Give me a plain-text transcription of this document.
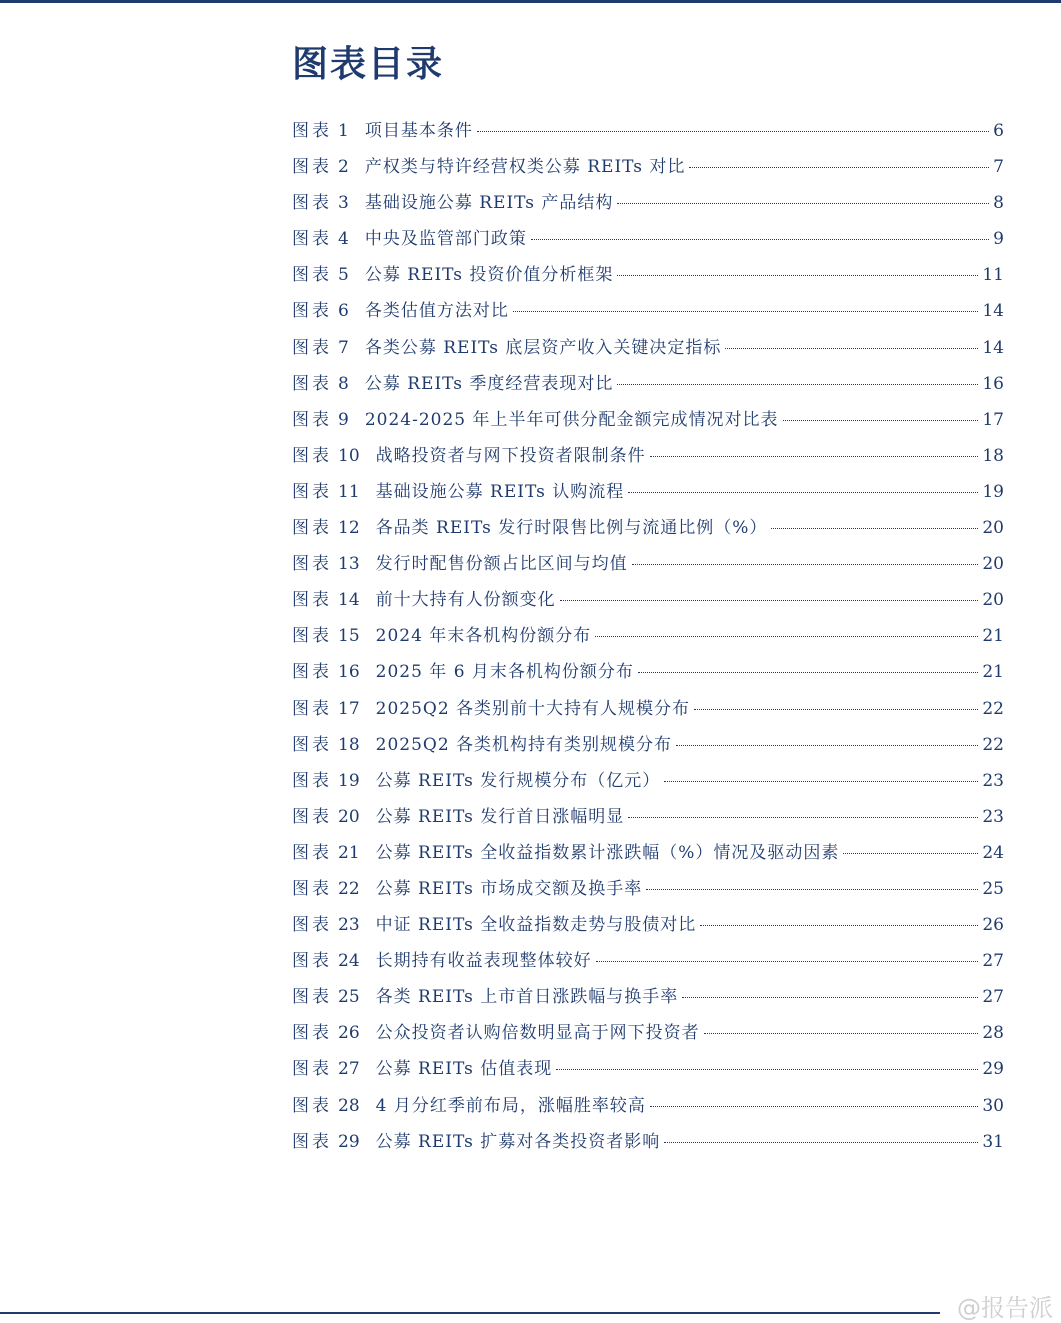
图表目录
图表 1 项目基本条件	6
图表 2 产权类与特许经营权类公募 REITs 对比	7
图表 3 基础设施公募 REITs 产品结构	8
图表 4 中央及监管部门政策	9
图表 5 公募 REITs 投资价值分析框架	11
图表 6 各类估值方法对比	14
图表 7 各类公募 REITs 底层资产收入关键决定指标	14
图表 8 公募 REITs 季度经营表现对比	16
图表 9 2024-2025 年上半年可供分配金额完成情况对比表	17
图表 10 战略投资者与网下投资者限制条件	18
图表 11 基础设施公募 REITs 认购流程	19
图表 12 各品类 REITs 发行时限售比例与流通比例（%）	20
图表 13 发行时配售份额占比区间与均值	20
图表 14 前十大持有人份额变化	20
图表 15 2024 年末各机构份额分布	21
图表 16 2025 年 6 月末各机构份额分布	21
图表 17 2025Q2 各类别前十大持有人规模分布	22
图表 18 2025Q2 各类机构持有类别规模分布	22
图表 19 公募 REITs 发行规模分布（亿元）	23
图表 20 公募 REITs 发行首日涨幅明显	23
图表 21 公募 REITs 全收益指数累计涨跌幅（%）情况及驱动因素	24
图表 22 公募 REITs 市场成交额及换手率	25
图表 23 中证 REITs 全收益指数走势与股债对比	26
图表 24 长期持有收益表现整体较好	27
图表 25 各类 REITs 上市首日涨跌幅与换手率	27
图表 26 公众投资者认购倍数明显高于网下投资者	28
图表 27 公募 REITs 估值表现	29
图表 28 4 月分红季前布局，涨幅胜率较高	30
图表 29 公募 REITs 扩募对各类投资者影响	31
@报告派
